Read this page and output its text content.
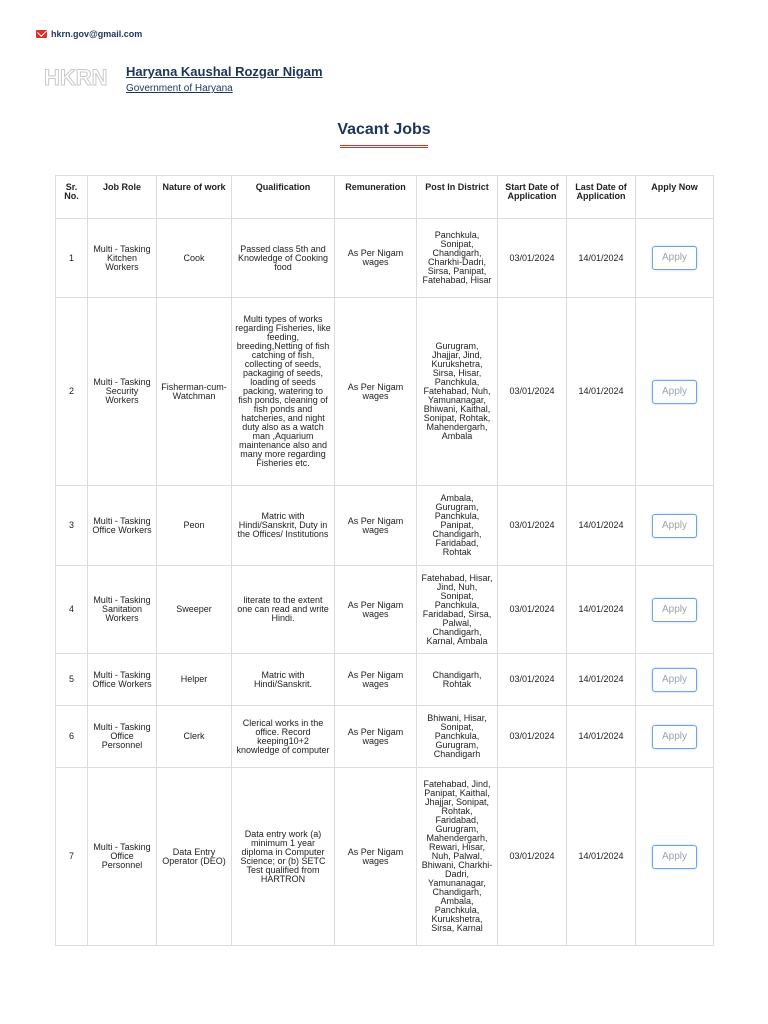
hkrn.gov@gmail.com
HKRN Haryana Kaushal Rozgar Nigam
Government of Haryana
Vacant Jobs
Sr. No.	Job Role	Nature of work	Qualification	Remuneration	Post In District	Start Date of Application	Last Date of Application	Apply Now
1	Multi - Tasking Kitchen Workers	Cook	Passed class 5th and Knowledge of Cooking food	As Per Nigam wages	Panchkula, Sonipat, Chandigarh, Charkhi-Dadri, Sirsa, Panipat, Fatehabad, Hisar	03/01/2024	14/01/2024	Apply
2	Multi - Tasking Security Workers	Fisherman-cum-Watchman	Multi types of works regarding Fisheries, like feeding, breeding,Netting of fish catching of fish, collecting of seeds, packaging of seeds, loading of seeds packing, watering to fish ponds, cleaning of fish ponds and hatcheries, and night duty also as a watch man ,Aquarium maintenance also and many more regarding Fisheries etc.	As Per Nigam wages	Gurugram, Jhajjar, Jind, Kurukshetra, Sirsa, Hisar, Panchkula, Fatehabad, Nuh, Yamunanagar, Bhiwani, Kaithal, Sonipat, Rohtak, Mahendergarh, Ambala	03/01/2024	14/01/2024	Apply
3	Multi - Tasking Office Workers	Peon	Matric with Hindi/Sanskrit, Duty in the Offices/ Institutions	As Per Nigam wages	Ambala, Gurugram, Panchkula, Panipat, Chandigarh, Faridabad, Rohtak	03/01/2024	14/01/2024	Apply
4	Multi - Tasking Sanitation Workers	Sweeper	literate to the extent one can read and write Hindi.	As Per Nigam wages	Fatehabad, Hisar, Jind, Nuh, Sonipat, Panchkula, Faridabad, Sirsa, Palwal, Chandigarh, Karnal, Ambala	03/01/2024	14/01/2024	Apply
5	Multi - Tasking Office Workers	Helper	Matric with Hindi/Sanskrit.	As Per Nigam wages	Chandigarh, Rohtak	03/01/2024	14/01/2024	Apply
6	Multi - Tasking Office Personnel	Clerk	Clerical works in the office. Record keeping10+2 knowledge of computer	As Per Nigam wages	Bhiwani, Hisar, Sonipat, Panchkula, Gurugram, Chandigarh	03/01/2024	14/01/2024	Apply
7	Multi - Tasking Office Personnel	Data Entry Operator (DEO)	Data entry work (a) minimum 1 year diploma in Computer Science; or (b) SETC Test qualified from HARTRON	As Per Nigam wages	Fatehabad, Jind, Panipat, Kaithal, Jhajjar, Sonipat, Rohtak, Faridabad, Gurugram, Mahendergarh, Rewari, Hisar, Nuh, Palwal, Bhiwani, Charkhi-Dadri, Yamunanagar, Chandigarh, Ambala, Panchkula, Kurukshetra, Sirsa, Karnal	03/01/2024	14/01/2024	Apply
